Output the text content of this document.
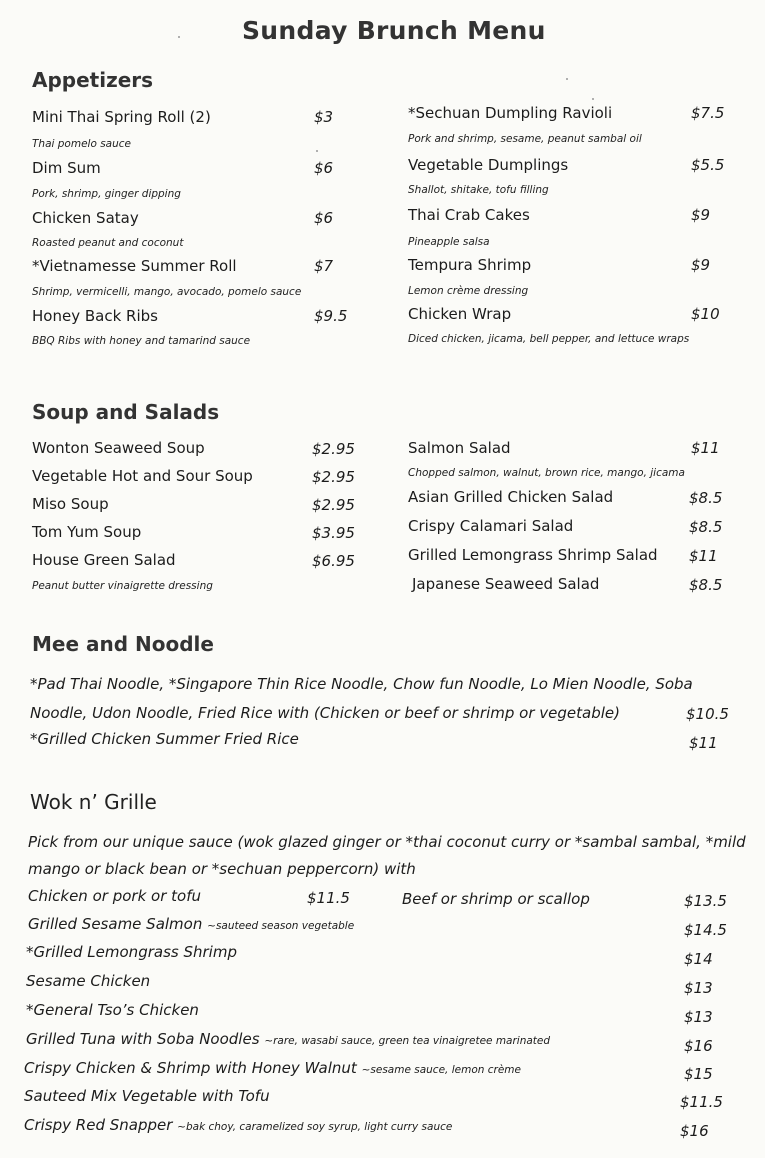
Sunday Brunch Menu
Appetizers
Mini Thai Spring Roll (2)	$3
Thai pomelo sauce
Dim Sum	$6
Pork, shrimp, ginger dipping
Chicken Satay	$6
Roasted peanut and coconut
*Vietnamesse Summer Roll	$7
Shrimp, vermicelli, mango, avocado, pomelo sauce
Honey Back Ribs	$9.5
BBQ Ribs with honey and tamarind sauce
*Sechuan Dumpling Ravioli	$7.5
Pork and shrimp, sesame, peanut sambal oil
Vegetable Dumplings	$5.5
Shallot, shitake, tofu filling
Thai Crab Cakes	$9
Pineapple salsa
Tempura Shrimp	$9
Lemon crème dressing
Chicken Wrap	$10
Diced chicken, jicama, bell pepper, and lettuce wraps
Soup and Salads
Wonton Seaweed Soup	$2.95
Vegetable Hot and Sour Soup	$2.95
Miso Soup	$2.95
Tom Yum Soup	$3.95
House Green Salad	$6.95
Peanut butter vinaigrette dressing
Salmon Salad	$11
Chopped salmon, walnut, brown rice, mango, jicama
Asian Grilled Chicken Salad	$8.5
Crispy Calamari Salad	$8.5
Grilled Lemongrass Shrimp Salad $11
Japanese Seaweed Salad	$8.5
Mee and Noodle
*Pad Thai Noodle, *Singapore Thin Rice Noodle, Chow fun Noodle, Lo Mien Noodle, Soba
Noodle, Udon Noodle, Fried Rice with (Chicken or beef or shrimp or vegetable)	$10.5
*Grilled Chicken Summer Fried Rice	$11
Wok n’ Grille
Pick from our unique sauce (wok glazed ginger or *thai coconut curry or *sambal sambal, *mild
mango or black bean or *sechuan peppercorn) with
Chicken or pork or tofu	$11.5	Beef or shrimp or scallop	$13.5
Grilled Sesame Salmon ~sauteed season vegetable	$14.5
*Grilled Lemongrass Shrimp	$14
Sesame Chicken	$13
*General Tso’s Chicken	$13
Grilled Tuna with Soba Noodles ~rare, wasabi sauce, green tea vinaigretee marinated	$16
Crispy Chicken & Shrimp with Honey Walnut ~sesame sauce, lemon crème	$15
Sauteed Mix Vegetable with Tofu	$11.5
Crispy Red Snapper ~bak choy, caramelized soy syrup, light curry sauce	$16
